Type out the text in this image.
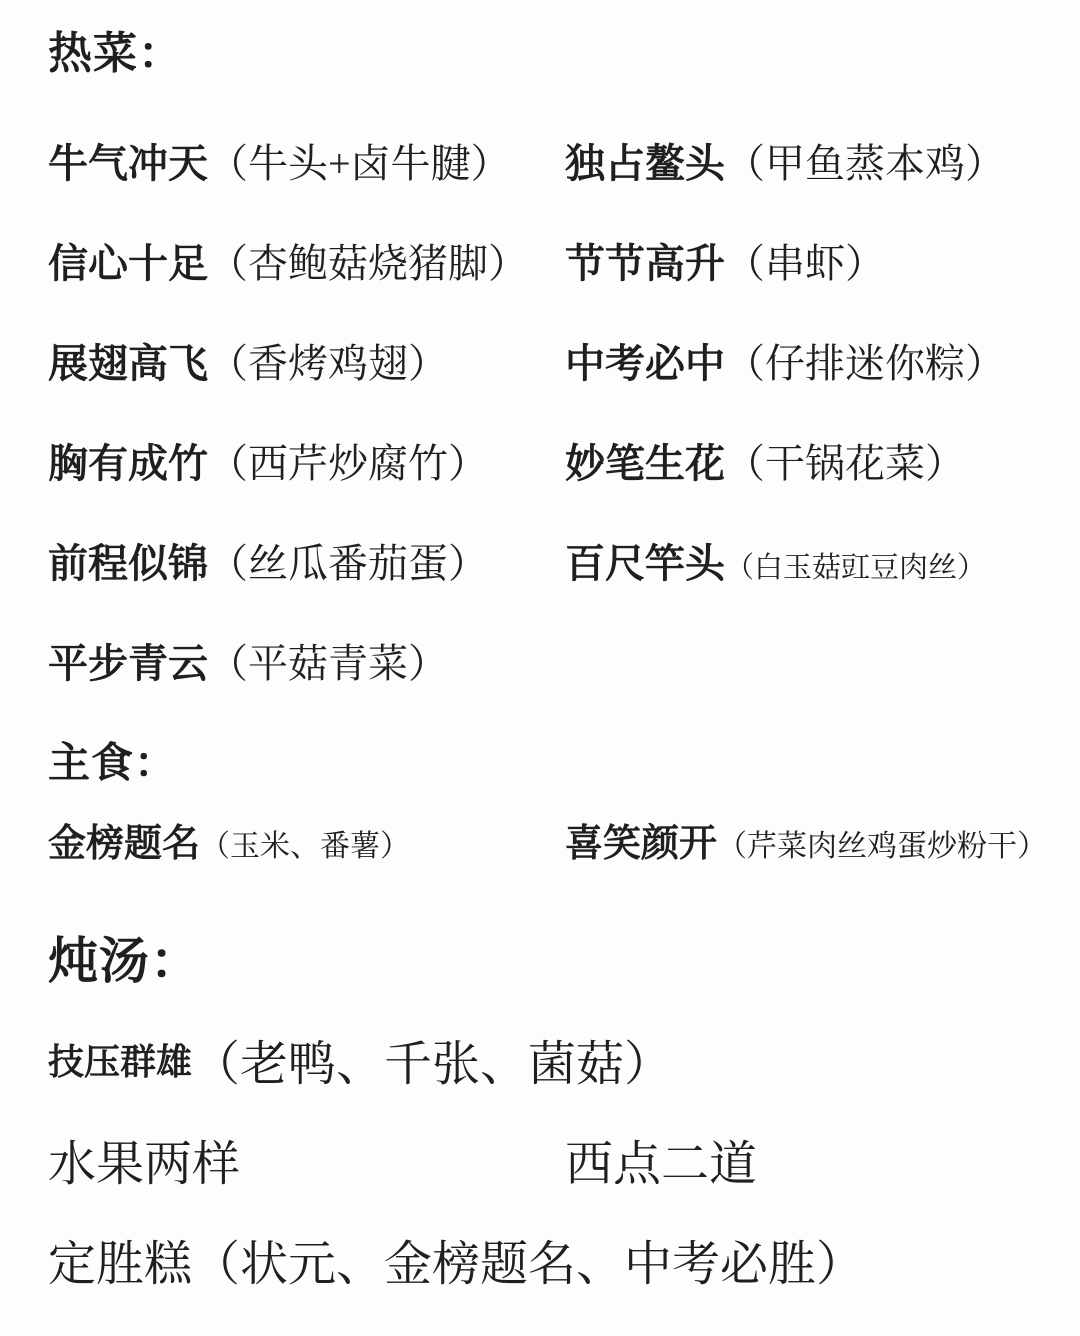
热菜：
牛气冲天（牛头+卤牛腱）	独占鳌头（甲鱼蒸本鸡）
信心十足（杏鲍菇烧猪脚） 节节高升（串虾）
展翅高飞（香烤鸡翅）	中考必中（仔排迷你粽）
胸有成竹（西芹炒腐竹）	妙笔生花（干锅花菜）
前程似锦（丝瓜番茄蛋）	百尺竿头（白玉菇豇豆肉丝）
平步青云（平菇青菜）
主食：
金榜题名（玉米、番薯）	喜笑颜开（芹菜肉丝鸡蛋炒粉干）
炖汤：
技压群雄 （老鸭、千张、菌菇）
水果两样	西点二道
定胜糕 （状元、金榜题名、中考必胜）
